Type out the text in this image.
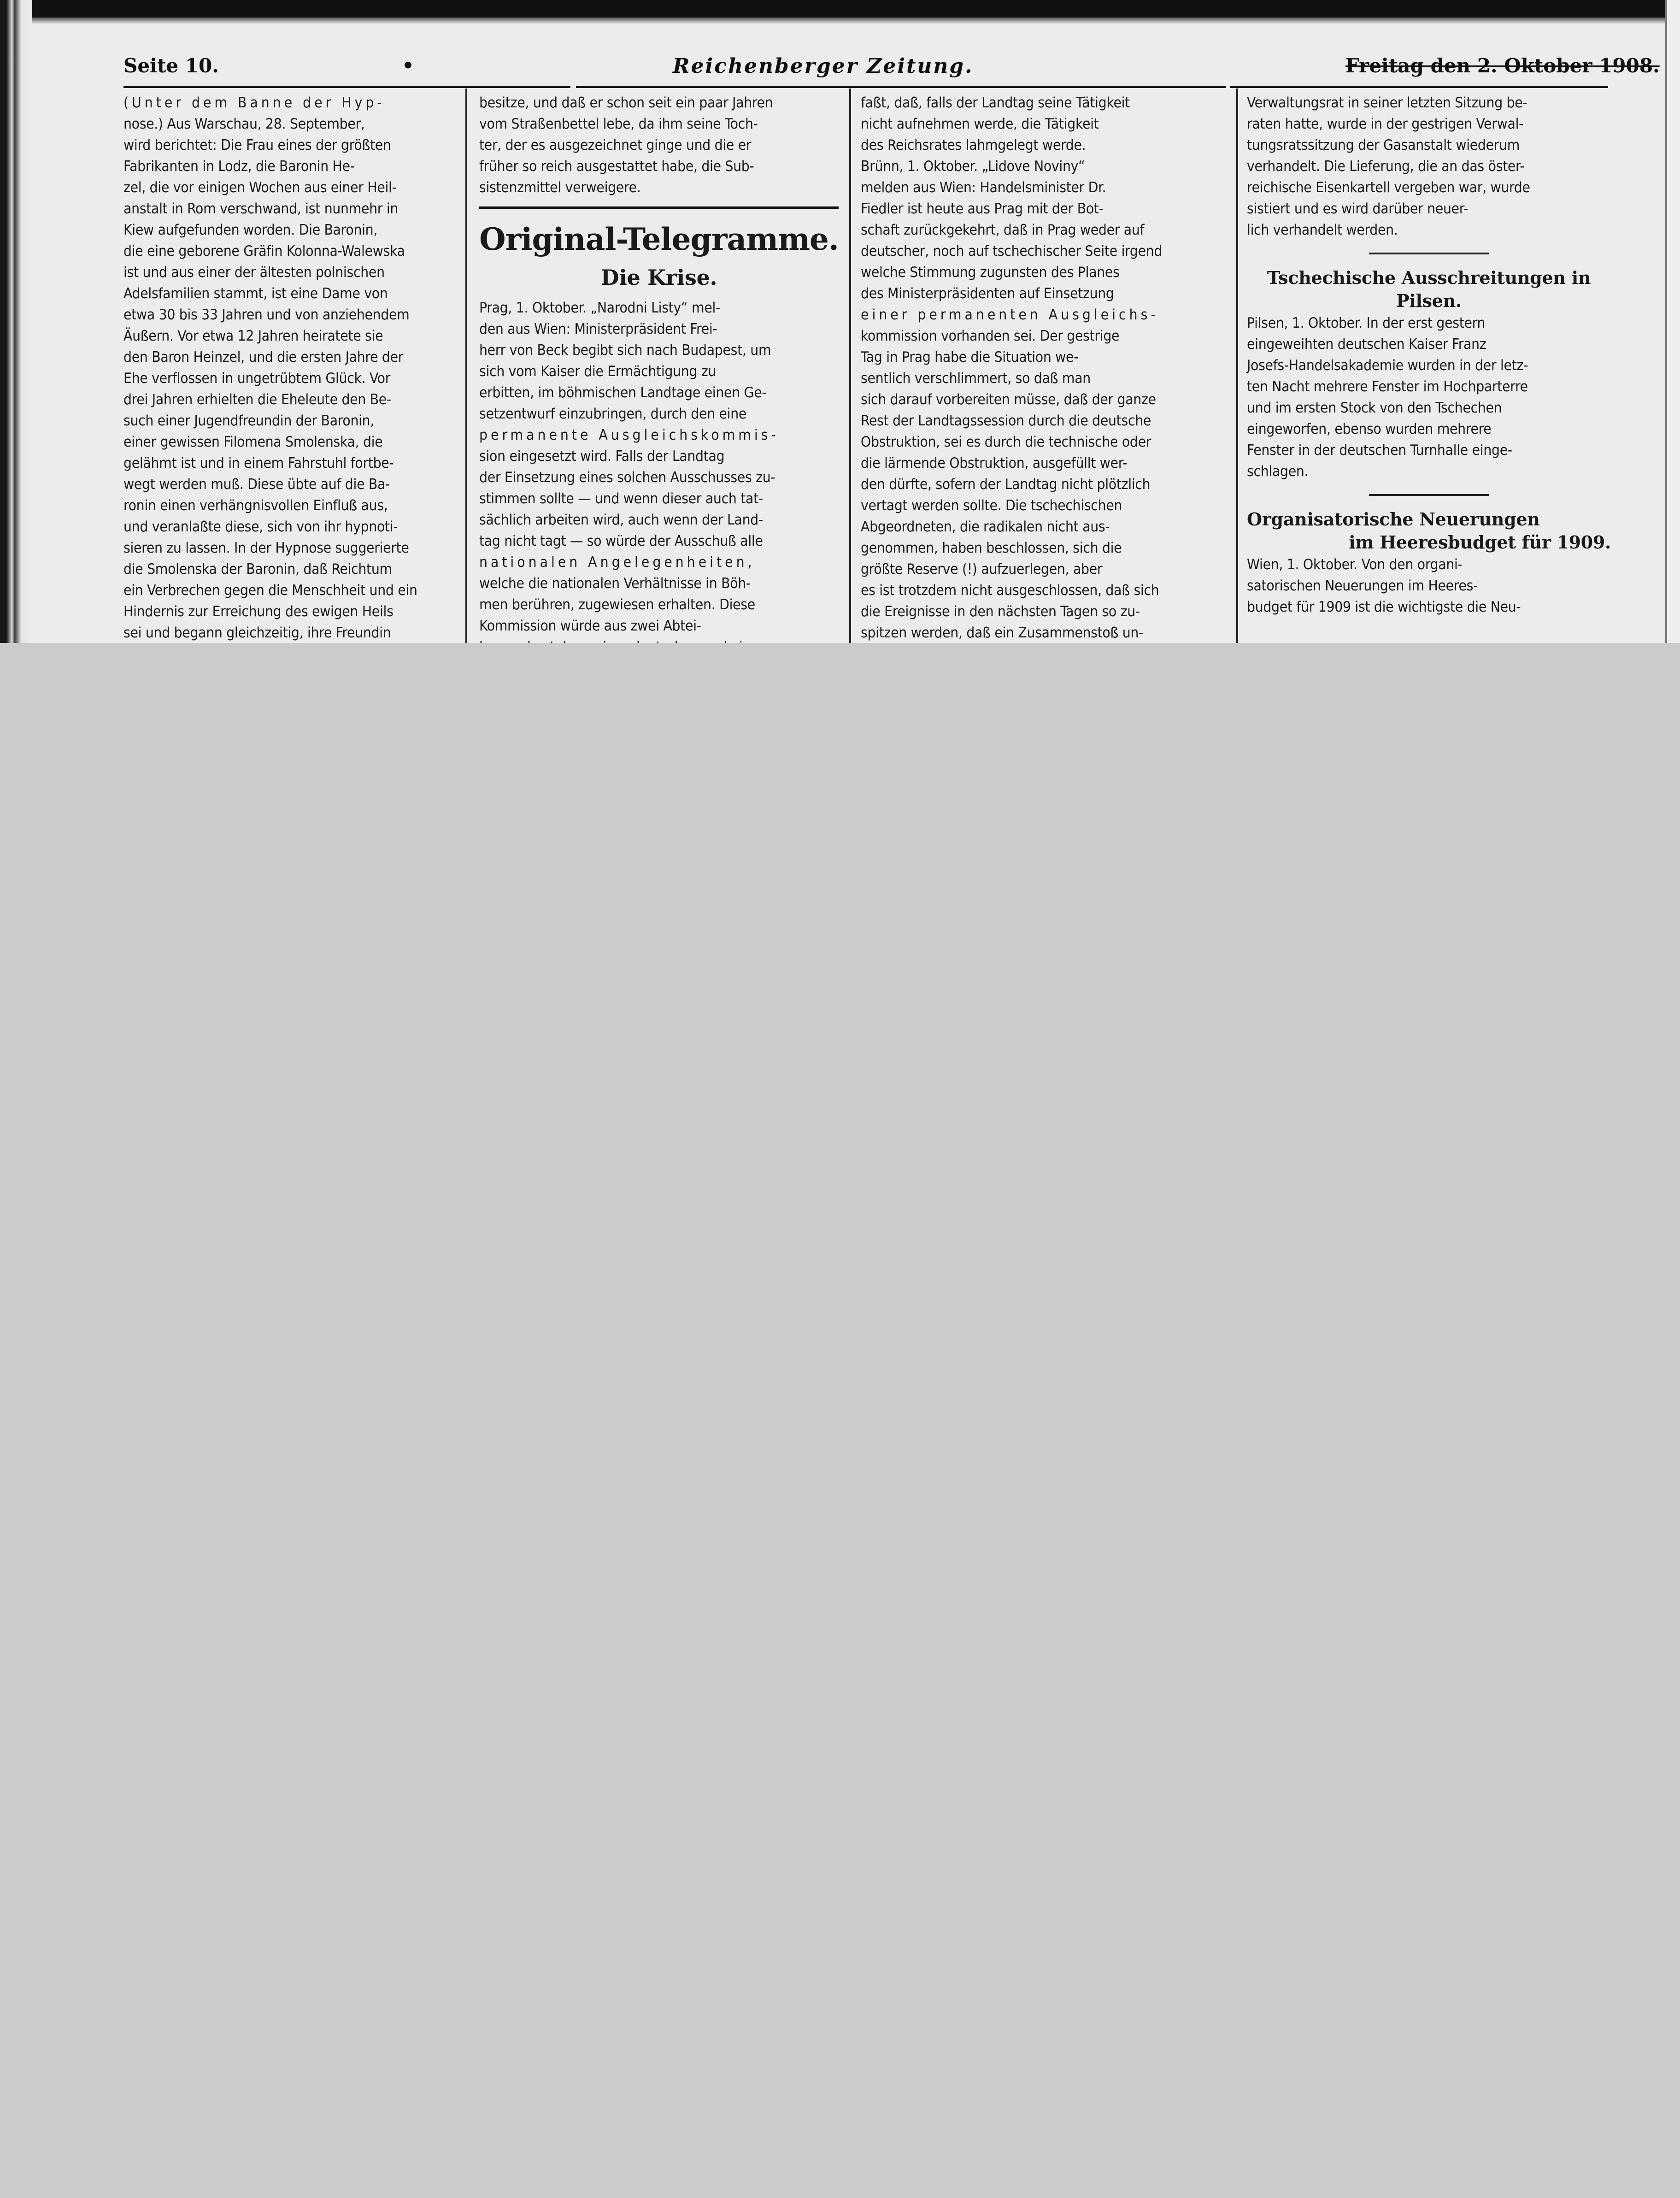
Seite 10.	•	Reichenberger Zeitung.	Freitag den 2. Oktober 1908.

(Unter dem Banne der Hyp-

nose.) Aus Warschau, 28. September,

wird berichtet: Die Frau eines der größten

Fabrikanten in Lodz, die Baronin He-

zel, die vor einigen Wochen aus einer Heil-

anstalt in Rom verschwand, ist nunmehr in

Kiew aufgefunden worden. Die Baronin,

die eine geborene Gräfin Kolonna-Walewska

ist und aus einer der ältesten polnischen

Adelsfamilien stammt, ist eine Dame von

etwa 30 bis 33 Jahren und von anziehendem

Äußern. Vor etwa 12 Jahren heiratete sie

den Baron Heinzel, und die ersten Jahre der

Ehe verflossen in ungetrübtem Glück. Vor

drei Jahren erhielten die Eheleute den Be-

such einer Jugendfreundin der Baronin,

einer gewissen Filomena Smolenska, die

gelähmt ist und in einem Fahrstuhl fortbe-

wegt werden muß. Diese übte auf die Ba-

ronin einen verhängnisvollen Einfluß aus,

und veranlaßte diese, sich von ihr hypnoti-

sieren zu lassen. In der Hypnose suggerierte

die Smolenska der Baronin, daß Reichtum

ein Verbrechen gegen die Menschheit und ein

Hindernis zur Erreichung des ewigen Heils

sei und begann gleichzeitig, ihre Freundin

besitze, und daß er schon seit ein paar Jahren

vom Straßenbettel lebe, da ihm seine Toch-

ter, der es ausgezeichnet ginge und die er

früher so reich ausgestattet habe, die Sub-

sistenzmittel verweigere.

Original-Telegramme.
Die Krise.

Prag, 1. Oktober. „Narodni Listy“ mel-

den aus Wien: Ministerpräsident Frei-

herr von Beck begibt sich nach Budapest, um

sich vom Kaiser die Ermächtigung zu

erbitten, im böhmischen Landtage einen Ge-

setzentwurf einzubringen, durch den eine

permanente Ausgleichskommis-

sion eingesetzt wird. Falls der Landtag

der Einsetzung eines solchen Ausschusses zu-

stimmen sollte — und wenn dieser auch tat-

sächlich arbeiten wird, auch wenn der Land-

tag nicht tagt — so würde der Ausschuß alle

nationalen Angelegenheiten,

welche die nationalen Verhältnisse in Böh-

men berühren, zugewiesen erhalten. Diese

Kommission würde aus zwei Abtei-

faßt, daß, falls der Landtag seine Tätigkeit

nicht aufnehmen werde, die Tätigkeit

des Reichsrates lahmgelegt werde.

Brünn, 1. Oktober. „Lidove Noviny“

melden aus Wien: Handelsminister Dr.

Fiedler ist heute aus Prag mit der Bot-

schaft zurückgekehrt, daß in Prag weder auf

deutscher, noch auf tschechischer Seite irgend

welche Stimmung zugunsten des Planes

des Ministerpräsidenten auf Einsetzung

einer permanenten Ausgleichs-

kommission vorhanden sei. Der gestrige

Tag in Prag habe die Situation we-

sentlich verschlimmert, so daß man

sich darauf vorbereiten müsse, daß der ganze

Rest der Landtagssession durch die deutsche

Obstruktion, sei es durch die technische oder

die lärmende Obstruktion, ausgefüllt wer-

den dürfte, sofern der Landtag nicht plötzlich

vertagt werden sollte. Die tschechischen

Abgeordneten, die radikalen nicht aus-

genommen, haben beschlossen, sich die

größte Reserve (!) aufzuerlegen, aber

es ist trotzdem nicht ausgeschlossen, daß sich

die Ereignisse in den nächsten Tagen so zu-

spitzen werden, daß ein Zusammenstoß un-

Verwaltungsrat in seiner letzten Sitzung be-

raten hatte, wurde in der gestrigen Verwal-

tungsratssitzung der Gasanstalt wiederum

verhandelt. Die Lieferung, die an das öster-

reichische Eisenkartell vergeben war, wurde

sistiert und es wird darüber neuer-

lich verhandelt werden.

Tschechische Ausschreitungen in Pilsen.

Pilsen, 1. Oktober. In der erst gestern

eingeweihten deutschen Kaiser Franz

Josefs-Handelsakademie wurden in der letz-

ten Nacht mehrere Fenster im Hochparterre

und im ersten Stock von den Tschechen

eingeworfen, ebenso wurden mehrere

Fenster in der deutschen Turnhalle einge-

schlagen.

Organisatorische Neuerungen
im Heeresbudget für 1909.

Wien, 1. Oktober. Von den organi-

satorischen Neuerungen im Heeres-

budget für 1909 ist die wichtigste die Neu-
